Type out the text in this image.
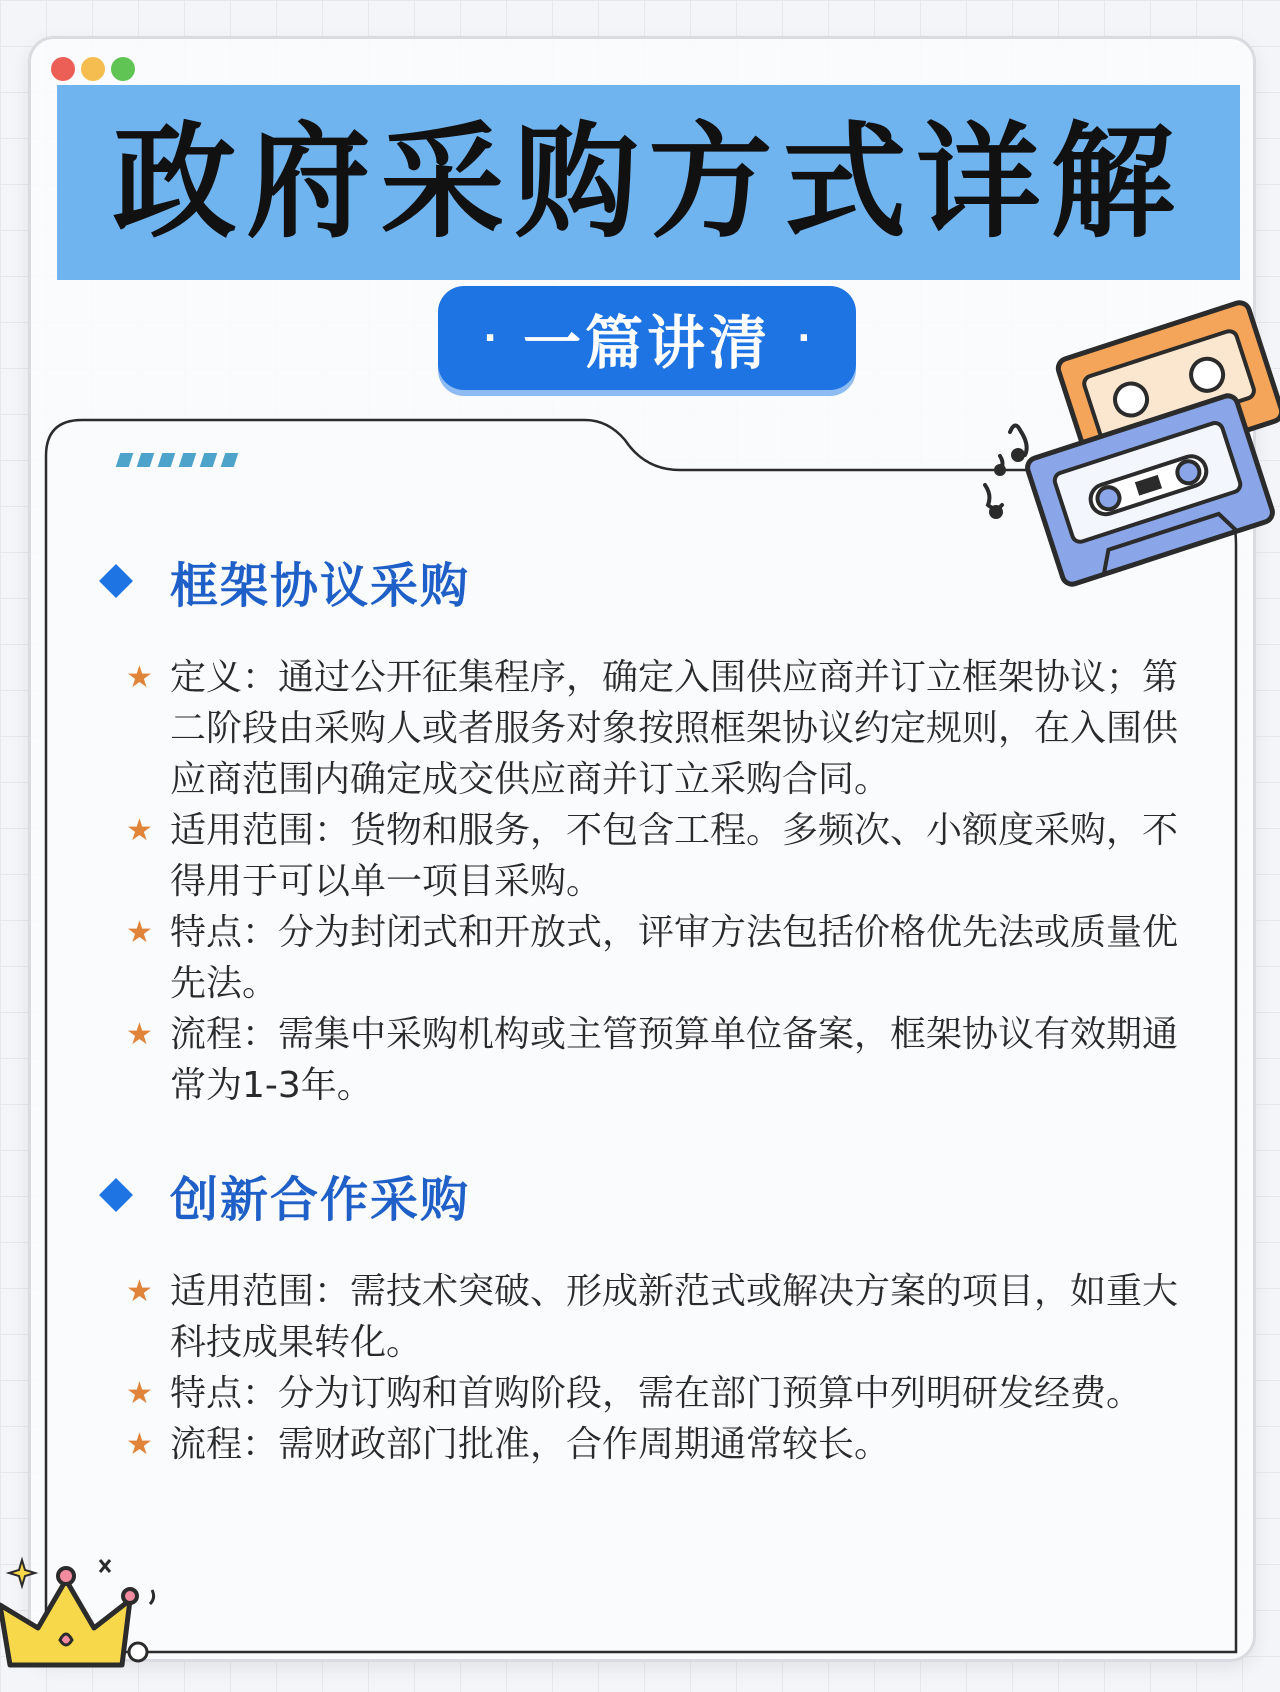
政府采购方式详解
· 一篇讲清 ·
框架协议采购
★ 定义：通过公开征集程序，确定入围供应商并订立框架协议；第二阶段由采购人或者服务对象按照框架协议约定规则，在入围供应商范围内确定成交供应商并订立采购合同。
★ 适用范围：货物和服务，不包含工程。多频次、小额度采购，不得用于可以单一项目采购。
★ 特点：分为封闭式和开放式，评审方法包括价格优先法或质量优先法。
★ 流程：需集中采购机构或主管预算单位备案，框架协议有效期通常为1-3年。
创新合作采购
★ 适用范围：需技术突破、形成新范式或解决方案的项目，如重大科技成果转化。
★ 特点：分为订购和首购阶段，需在部门预算中列明研发经费。
★ 流程：需财政部门批准，合作周期通常较长。
